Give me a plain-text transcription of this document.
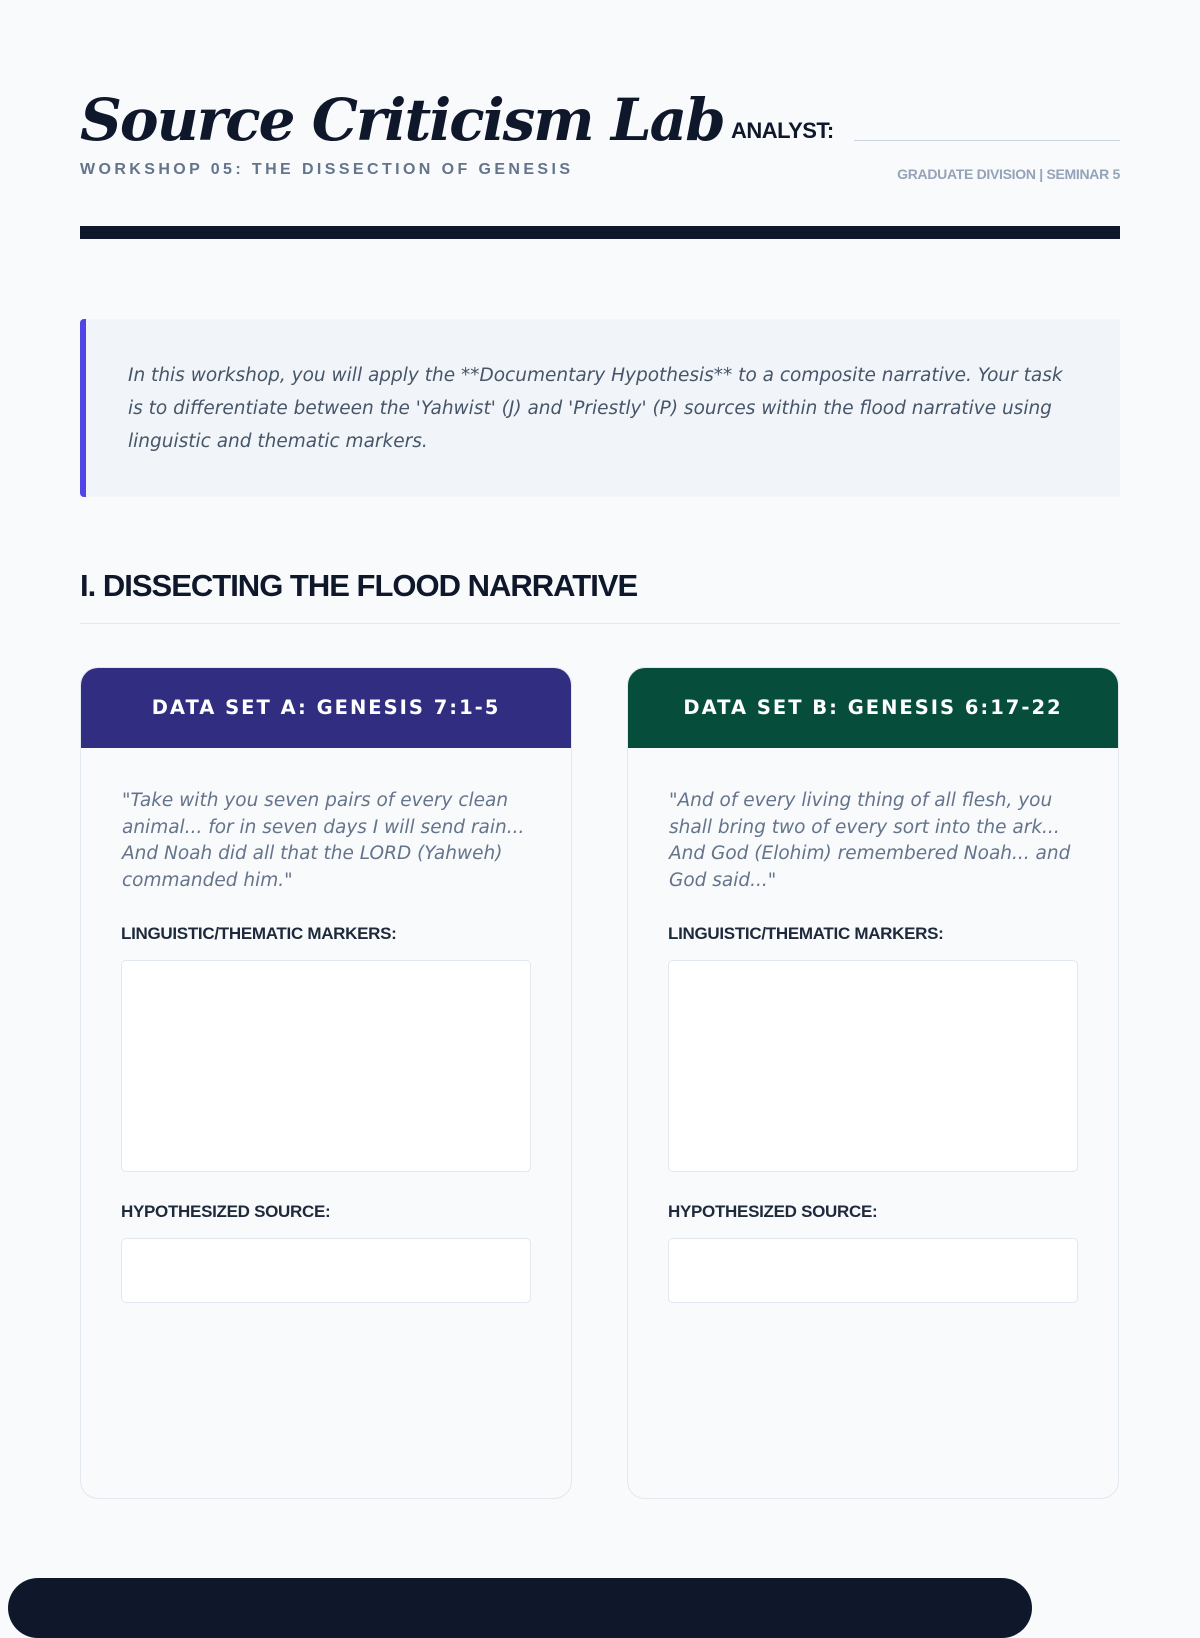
Source Criticism Lab
WORKSHOP 05: THE DISSECTION OF GENESIS
ANALYST:
GRADUATE DIVISION | SEMINAR 5
In this workshop, you will apply the **Documentary Hypothesis** to a composite narrative. Your task is to differentiate between the 'Yahwist' (J) and 'Priestly' (P) sources within the flood narrative using linguistic and thematic markers.
I. DISSECTING THE FLOOD NARRATIVE
DATA SET A: GENESIS 7:1-5
"Take with you seven pairs of every clean animal... for in seven days I will send rain... And Noah did all that the LORD (Yahweh) commanded him."
LINGUISTIC/THEMATIC MARKERS:
HYPOTHESIZED SOURCE:
DATA SET B: GENESIS 6:17-22
"And of every living thing of all flesh, you shall bring two of every sort into the ark... And God (Elohim) remembered Noah... and God said..."
LINGUISTIC/THEMATIC MARKERS:
HYPOTHESIZED SOURCE:
